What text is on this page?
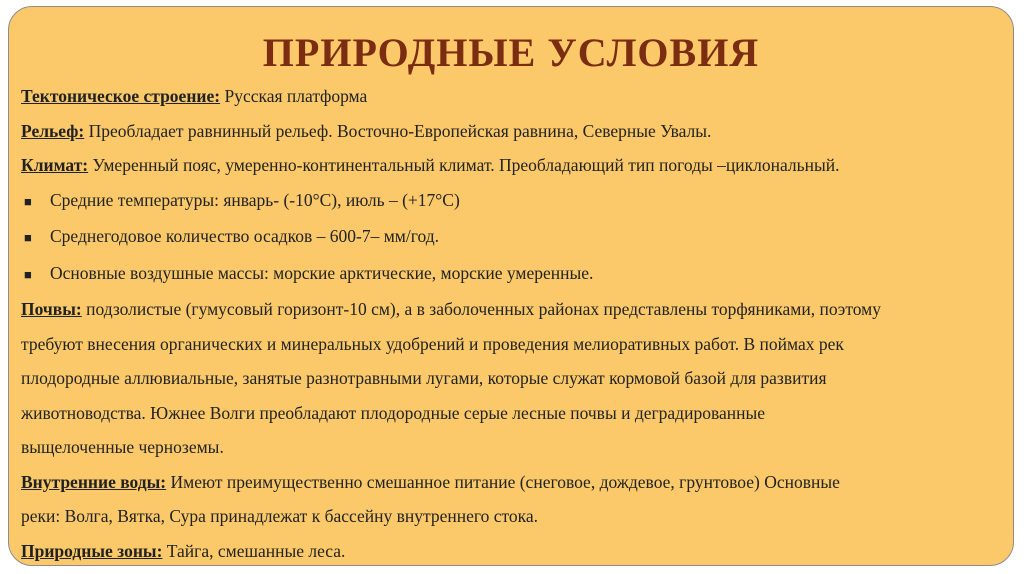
ПРИРОДНЫЕ УСЛОВИЯ
Тектоническое строение: Русская платформа
Рельеф: Преобладает равнинный рельеф. Восточно-Европейская равнина, Северные Увалы.
Климат: Умеренный пояс, умеренно-континентальный климат. Преобладающий тип погоды –циклональный.
■ Средние температуры: январь- (-10°С), июль – (+17°С)
■ Среднегодовое количество осадков – 600-7– мм/год.
■ Основные воздушные массы: морские арктические, морские умеренные.
Почвы: подзолистые (гумусовый горизонт-10 см), а в заболоченных районах представлены торфяниками, поэтому
требуют внесения органических и минеральных удобрений и проведения мелиоративных работ. В поймах рек
плодородные аллювиальные, занятые разнотравными лугами, которые служат кормовой базой для развития
животноводства. Южнее Волги преобладают плодородные серые лесные почвы и деградированные
выщелоченные черноземы.
Внутренние воды: Имеют преимущественно смешанное питание (снеговое, дождевое, грунтовое) Основные
реки: Волга, Вятка, Сура принадлежат к бассейну внутреннего стока.
Природные зоны: Тайга, смешанные леса.
